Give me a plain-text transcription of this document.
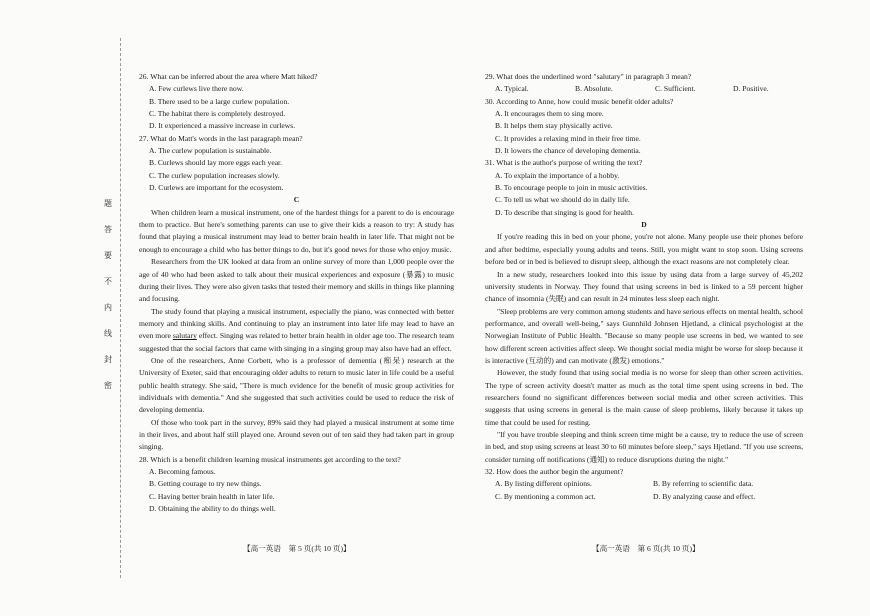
题
答
要
不
内
线
封
密

26. What can be inferred about the area where Matt hiked?

A. Few curlews live there now.

B. There used to be a large curlew population.

C. The habitat there is completely destroyed.

D. It experienced a massive increase in curlews.

27. What do Matt's words in the last paragraph mean?

A. The curlew population is sustainable.

B. Curlews should lay more eggs each year.

C. The curlew population increases slowly.

D. Curlews are important for the ecosystem.

C

When children learn a musical instrument, one of the hardest things for a parent to do is encourage them to practice. But here's something parents can use to give their kids a reason to try: A study has found that playing a musical instrument may lead to better brain health in later life. That might not be enough to encourage a child who has better things to do, but it's good news for those who enjoy music.

Researchers from the UK looked at data from an online survey of more than 1,000 people over the age of 40 who had been asked to talk about their musical experiences and exposure (暴露) to music during their lives. They were also given tasks that tested their memory and skills in things like planning and focusing.

The study found that playing a musical instrument, especially the piano, was connected with better memory and thinking skills. And continuing to play an instrument into later life may lead to have an even more salutary effect. Singing was related to better brain health in older age too. The research team suggested that the social factors that came with singing in a singing group may also have had an effect.

One of the researchers, Anne Corbett, who is a professor of dementia (痴呆) research at the University of Exeter, said that encouraging older adults to return to music later in life could be a useful public health strategy. She said, "There is much evidence for the benefit of music group activities for individuals with dementia." And she suggested that such activities could be used to reduce the risk of developing dementia.

Of those who took part in the survey, 89% said they had played a musical instrument at some time in their lives, and about half still played one. Around seven out of ten said they had taken part in group singing.

28. Which is a benefit children learning musical instruments get according to the text?

A. Becoming famous.

B. Getting courage to try new things.

C. Having better brain health in later life.

D. Obtaining the ability to do things well.

【高一英语　第 5 页(共 10 页)】

29. What does the underlined word "salutary" in paragraph 3 mean?

A. Typical.	B. Absolute.	C. Sufficient.	D. Positive.

30. According to Anne, how could music benefit older adults?

A. It encourages them to sing more.

B. It helps them stay physically active.

C. It provides a relaxing mind in their free time.

D. It lowers the chance of developing dementia.

31. What is the author's purpose of writing the text?

A. To explain the importance of a hobby.

B. To encourage people to join in music activities.

C. To tell us what we should do in daily life.

D. To describe that singing is good for health.

D

If you're reading this in bed on your phone, you're not alone. Many people use their phones before and after bedtime, especially young adults and teens. Still, you might want to stop soon. Using screens before bed or in bed is believed to disrupt sleep, although the exact reasons are not completely clear.

In a new study, researchers looked into this issue by using data from a large survey of 45,202 university students in Norway. They found that using screens in bed is linked to a 59 percent higher chance of insomnia (失眠) and can result in 24 minutes less sleep each night.

"Sleep problems are very common among students and have serious effects on mental health, school performance, and overall well-being," says Gunnhild Johnsen Hjetland, a clinical psychologist at the Norwegian Institute of Public Health. "Because so many people use screens in bed, we wanted to see how different screen activities affect sleep. We thought social media might be worse for sleep because it is interactive (互动的) and can motivate (激发) emotions."

However, the study found that using social media is no worse for sleep than other screen activities. The type of screen activity doesn't matter as much as the total time spent using screens in bed. The researchers found no significant differences between social media and other screen activities. This suggests that using screens in general is the main cause of sleep problems, likely because it takes up time that could be used for resting.

"If you have trouble sleeping and think screen time might be a cause, try to reduce the use of screen in bed, and stop using screens at least 30 to 60 minutes before sleep," says Hjetland. "If you use screens, consider turning off notifications (通知) to reduce disruptions during the night."

32. How does the author begin the argument?

A. By listing different opinions.	B. By referring to scientific data.
C. By mentioning a common act.	D. By analyzing cause and effect.
【高一英语　第 6 页(共 10 页)】
